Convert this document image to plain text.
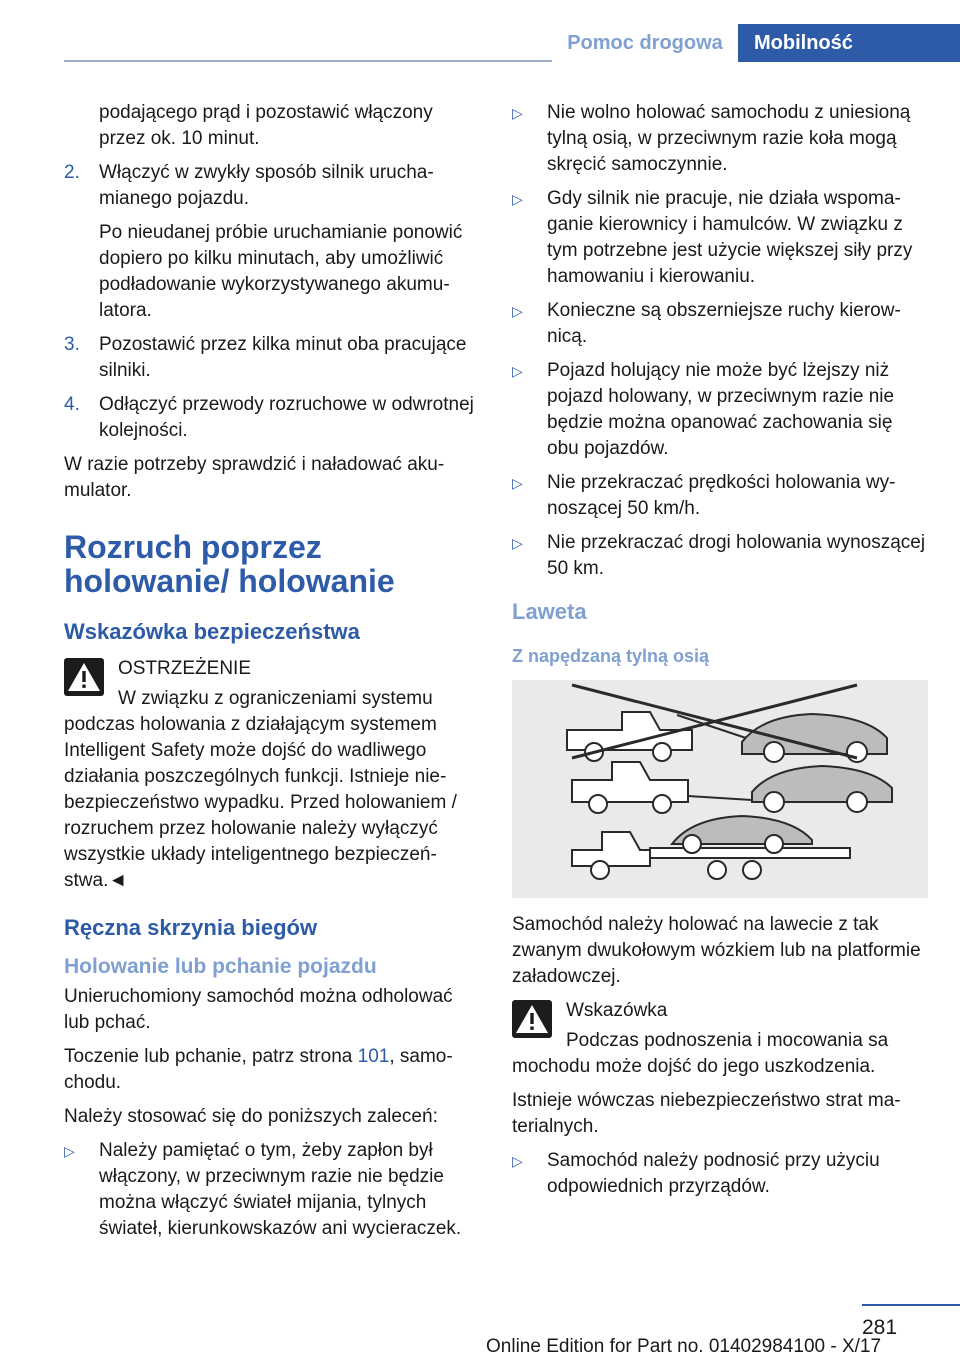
Pomoc drogowa	Mobilność

podającego prąd i pozostawić włączony przez ok. 10 minut.

2. Włączyć w zwykły sposób silnik uruchamianego pojazdu.

Po nieudanej próbie uruchamianie ponowić dopiero po kilku minutach, aby umożliwić podładowanie wykorzystywanego akumulatora.

3. Pozostawić przez kilka minut oba pracujące silniki.
4. Odłączyć przewody rozruchowe w odwrotnej kolejności.

W razie potrzeby sprawdzić i naładować akumulator.

Rozruch poprzez holowanie/ holowanie
Wskazówka bezpieczeństwa
OSTRZEŻENIE
W związku z ograniczeniami systemu

podczas holowania z działającym systemem Intelligent Safety może dojść do wadliwego działania poszczególnych funkcji. Istnieje niebezpieczeństwo wypadku. Przed holowaniem / rozruchem przez holowanie należy wyłączyć wszystkie układy inteligentnego bezpieczeństwa.◄

Ręczna skrzynia biegów
Holowanie lub pchanie pojazdu

Unieruchomiony samochód można odholować lub pchać.

Toczenie lub pchanie, patrz strona 101, samochodu.

Należy stosować się do poniższych zaleceń:

▷ Należy pamiętać o tym, żeby zapłon był włączony, w przeciwnym razie nie będzie można włączyć świateł mijania, tylnych świateł, kierunkowskazów ani wycieraczek.
▷ Nie wolno holować samochodu z uniesioną tylną osią, w przeciwnym razie koła mogą skręcić samoczynnie.
▷ Gdy silnik nie pracuje, nie działa wspomaganie kierownicy i hamulców. W związku z tym potrzebne jest użycie większej siły przy hamowaniu i kierowaniu.
▷ Konieczne są obszerniejsze ruchy kierownicą.
▷ Pojazd holujący nie może być lżejszy niż pojazd holowany, w przeciwnym razie nie będzie można opanować zachowania się obu pojazdów.
▷ Nie przekraczać prędkości holowania wynoszącej 50 km/h.
▷ Nie przekraczać drogi holowania wynoszącej 50 km.
Laweta
Z napędzaną tylną osią

Samochód należy holować na lawecie z tak zwanym dwukołowym wózkiem lub na platformie załadowczej.

Wskazówka
Podczas podnoszenia i mocowania sa

mochodu może dojść do jego uszkodzenia.

Istnieje wówczas niebezpieczeństwo strat materialnych.

▷ Samochód należy podnosić przy użyciu odpowiednich przyrządów.
281
Online Edition for Part no. 01402984100 - X/17
